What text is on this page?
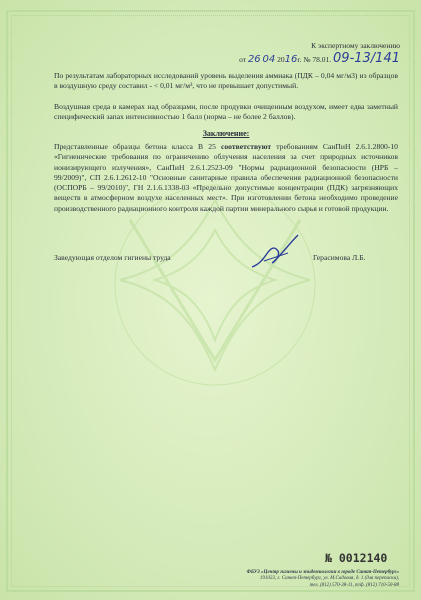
К экспертному заключению
от 26 04 2016г. № 78.01. 09-13/141

По результатам лабораторных исследований уровень выделения аммиака (ПДК – 0,04 мг/м3) из образцов в воздушную среду составил - < 0,01 мг/м³, что не превышает допустимый.

Воздушная среда в камерах над образцами, после продувки очищенным воздухом, имеет едва заметный специфический запах интенсивностью 1 балл (норма – не более 2 баллов).

Заключение:

Представленные образцы бетона класса В 25 соответствуют требованиям СанПиН 2.6.1.2800-10 «Гигиенические требования по ограничению облучения населения за счет природных источников ионизирующего излучения», СанПиН 2.6.1.2523-09 "Нормы радиационной безопасности (НРБ – 99/2009)", СП 2.6.1.2612-10 "Основные санитарные правила обеспечения радиационной безопасности (ОСПОРБ – 99/2010)", ГН 2.1.6.1338-03 «Предельно допустимые концентрации (ПДК) загрязняющих веществ в атмосферном воздухе населенных мест». При изготовлении бетона необходимо проведение производственного радиационного контроля каждой партии минерального сырья и готовой продукции.

Заведующая отделом гигиены труда	Герасимова Л.Б.
№ 0012140
ФБУЗ «Центр гигиены и эпидемиологии в городе Санкт-Петербург»
191023, г. Санкт-Петербург, ул. М.Садовая, д. 1 (для переписки),
тел. (812) 570-38-11, т/ф. (812) 710-50-88
